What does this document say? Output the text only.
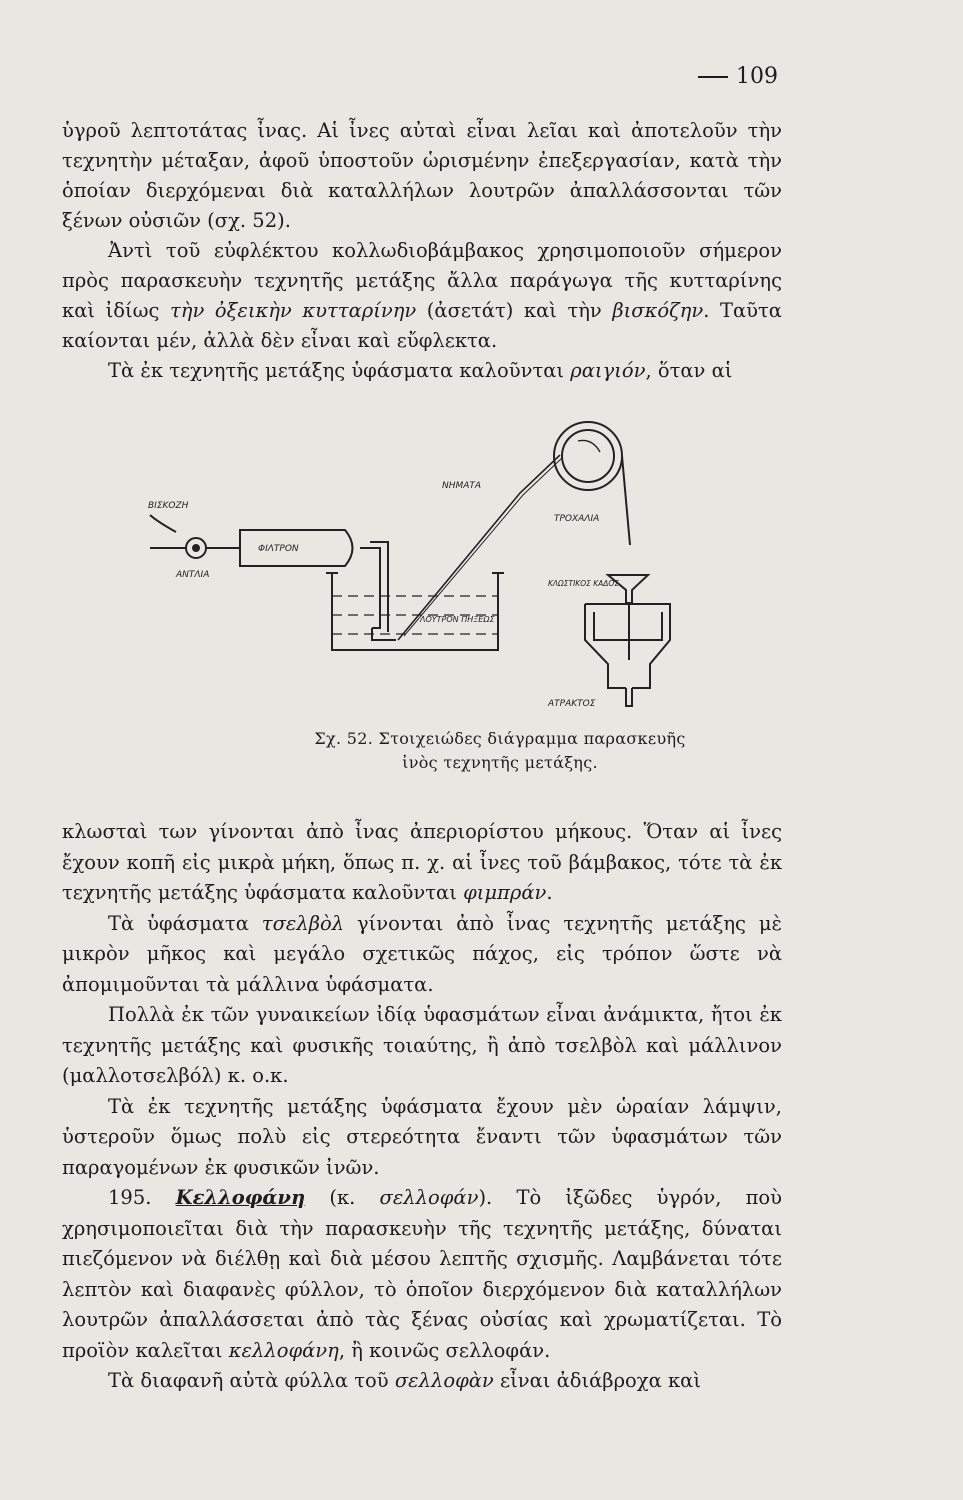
109

ὑγροῦ λεπτοτάτας ἶνας. Αἱ ἶνες αὐταὶ εἶναι λεῖαι καὶ ἀποτελοῦν τὴν τεχνητὴν μέταξαν, ἀφοῦ ὑποστοῦν ὡρισμένην ἐπεξεργασίαν, κατὰ τὴν ὁποίαν διερχόμεναι διὰ καταλλήλων λουτρῶν ἀπαλλάσσονται τῶν ξένων οὐσιῶν (σχ. 52).

Ἀντὶ τοῦ εὐφλέκτου κολλωδιοβάμβακος χρησιμοποιοῦν σήμερον πρὸς παρασκευὴν τεχνητῆς μετάξης ἄλλα παράγωγα τῆς κυτταρίνης καὶ ἰδίως τὴν ὀξεικὴν κυτταρίνην (ἀσετάτ) καὶ τὴν βισκόζην. Ταῦτα καίονται μέν, ἀλλὰ δὲν εἶναι καὶ εὔφλεκτα.

Τὰ ἐκ τεχνητῆς μετάξης ὑφάσματα καλοῦνται ραιγιόν, ὅταν αἱ

ΒΙΣΚΟΖΗ
ΦΙΛΤΡΟΝ
ΑΝΤΛΙΑ
ΝΗΜΑΤΑ
ΤΡΟΧΑΛΙΑ
ΚΛΩΣΤΙΚΟΣ ΚΑΔΟΣ
ΛΟΥΤΡΟΝ ΠΗΞΕΩΣ
ΑΤΡΑΚΤΟΣ
Σχ. 52. Στοιχειώδες διάγραμμα παρασκευῆς ἰνὸς τεχνητῆς μετάξης.

κλωσταὶ των γίνονται ἀπὸ ἶνας ἀπεριορίστου μήκους. Ὅταν αἱ ἶνες ἔχουν κοπῆ εἰς μικρὰ μήκη, ὅπως π. χ. αἱ ἶνες τοῦ βάμβακος, τότε τὰ ἐκ τεχνητῆς μετάξης ὑφάσματα καλοῦνται φιμπράν.

Τὰ ὑφάσματα τσελβὸλ γίνονται ἀπὸ ἶνας τεχνητῆς μετάξης μὲ μικρὸν μῆκος καὶ μεγάλο σχετικῶς πάχος, εἰς τρόπον ὥστε νὰ ἀπομιμοῦνται τὰ μάλλινα ὑφάσματα.

Πολλὰ ἐκ τῶν γυναικείων ἰδίᾳ ὑφασμάτων εἶναι ἀνάμικτα, ἤτοι ἐκ τεχνητῆς μετάξης καὶ φυσικῆς τοιαύτης, ἢ ἀπὸ τσελβὸλ καὶ μάλλινον (μαλλοτσελβόλ) κ. ο.κ.

Τὰ ἐκ τεχνητῆς μετάξης ὑφάσματα ἔχουν μὲν ὡραίαν λάμψιν, ὑστεροῦν ὅμως πολὺ εἰς στερεότητα ἔναντι τῶν ὑφασμάτων τῶν παραγομένων ἐκ φυσικῶν ἰνῶν.

195. Κελλοφάνη (κ. σελλοφάν). Τὸ ἰξῶδες ὑγρόν, ποὺ χρησιμοποιεῖται διὰ τὴν παρασκευὴν τῆς τεχνητῆς μετάξης, δύναται πιεζόμενον νὰ διέλθῃ καὶ διὰ μέσου λεπτῆς σχισμῆς. Λαμβάνεται τότε λεπτὸν καὶ διαφανὲς φύλλον, τὸ ὁποῖον διερχόμενον διὰ καταλλήλων λουτρῶν ἀπαλλάσσεται ἀπὸ τὰς ξένας οὐσίας καὶ χρωματίζεται. Τὸ προϊὸν καλεῖται κελλοφάνη, ἢ κοινῶς σελλοφάν.

Τὰ διαφανῆ αὐτὰ φύλλα τοῦ σελλοφὰν εἶναι ἀδιάβροχα καὶ
